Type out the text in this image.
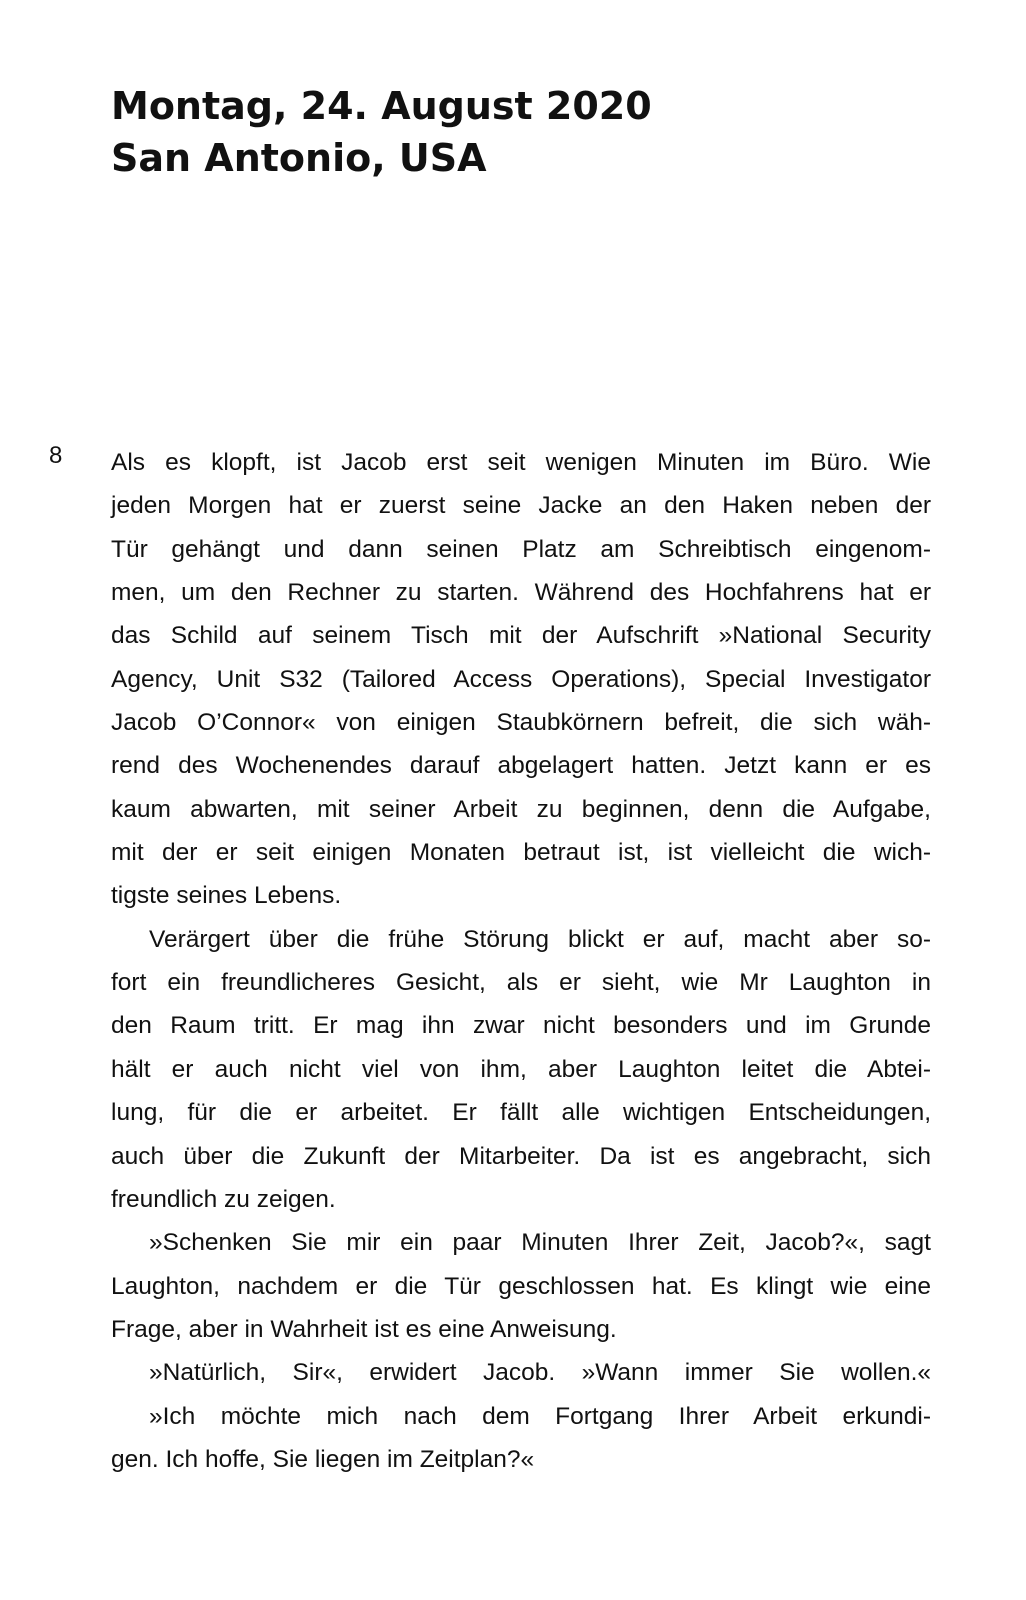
Montag, 24. August 2020
San Antonio, USA
8 Als es klopft, ist Jacob erst seit wenigen Minuten im Büro. Wie
jeden Morgen hat er zuerst seine Jacke an den Haken neben der
Tür gehängt und dann seinen Platz am Schreibtisch eingenom-
men, um den Rechner zu starten. Während des Hochfahrens hat er
das Schild auf seinem Tisch mit der Aufschrift »National Security
Agency, Unit S32 (Tailored Access Operations), Special Investigator
Jacob O’Connor« von einigen Staubkörnern befreit, die sich wäh-
rend des Wochenendes darauf abgelagert hatten. Jetzt kann er es
kaum abwarten, mit seiner Arbeit zu beginnen, denn die Aufgabe,
mit der er seit einigen Monaten betraut ist, ist vielleicht die wich-
tigste seines Lebens.
Verärgert über die frühe Störung blickt er auf, macht aber so-
fort ein freundlicheres Gesicht, als er sieht, wie Mr Laughton in
den Raum tritt. Er mag ihn zwar nicht besonders und im Grunde
hält er auch nicht viel von ihm, aber Laughton leitet die Abtei-
lung, für die er arbeitet. Er fällt alle wichtigen Entscheidungen,
auch über die Zukunft der Mitarbeiter. Da ist es angebracht, sich
freundlich zu zeigen.
»Schenken Sie mir ein paar Minuten Ihrer Zeit, Jacob?«, sagt
Laughton, nachdem er die Tür geschlossen hat. Es klingt wie eine
Frage, aber in Wahrheit ist es eine Anweisung.
»Natürlich, Sir«, erwidert Jacob. »Wann immer Sie wollen.«
»Ich möchte mich nach dem Fortgang Ihrer Arbeit erkundi-
gen. Ich hoffe, Sie liegen im Zeitplan?«
